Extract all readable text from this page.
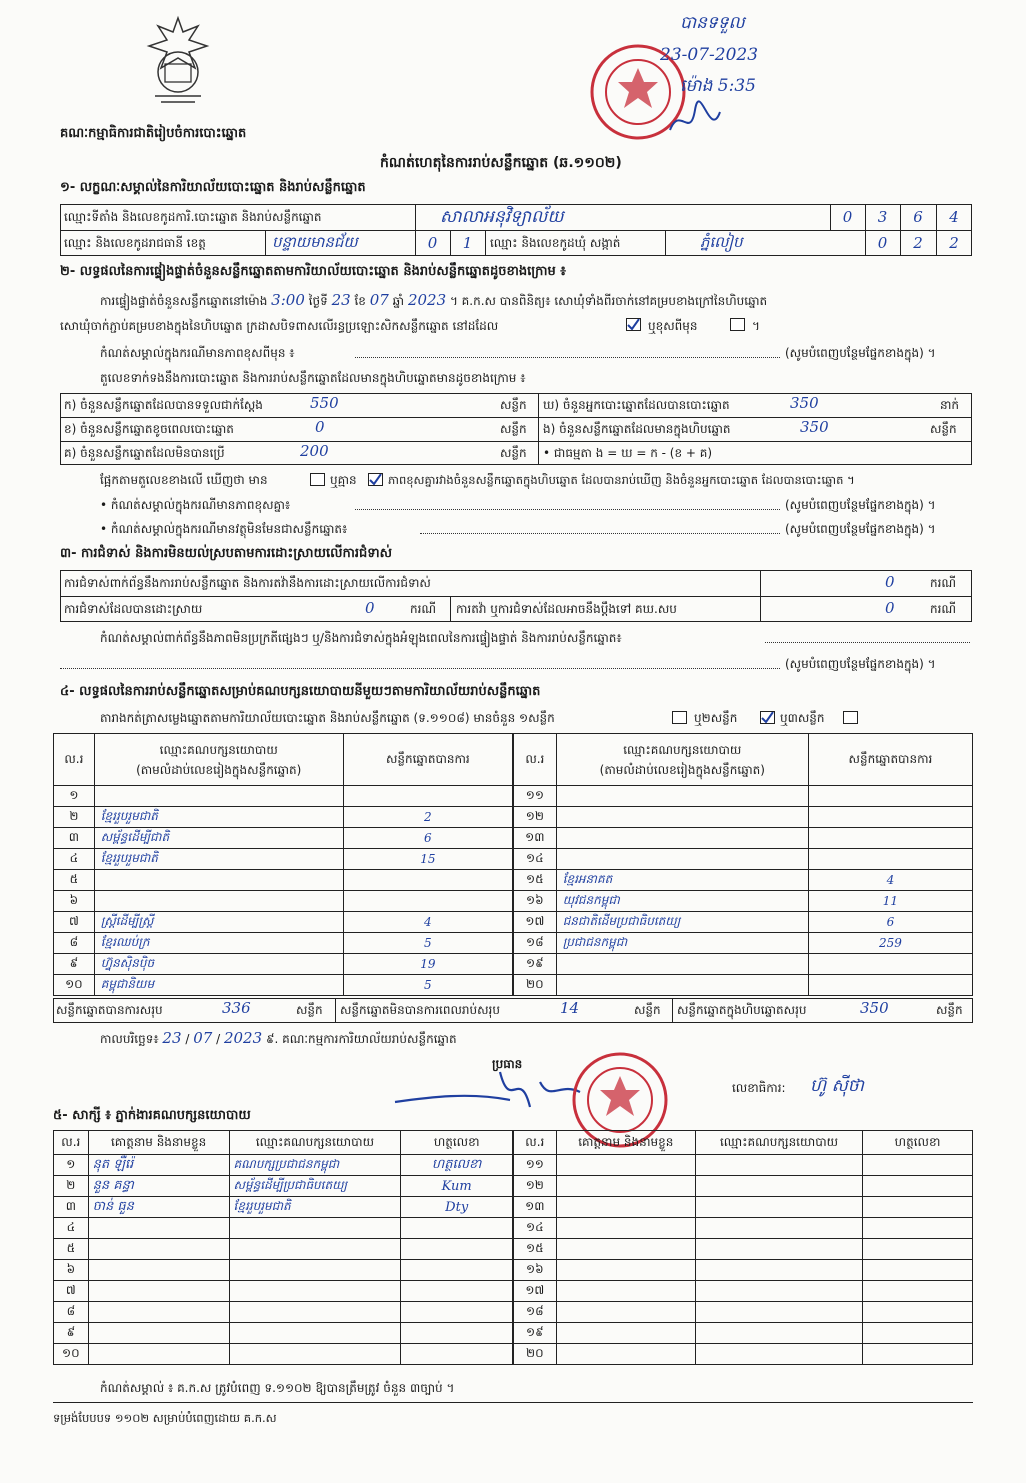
គណៈកម្មាធិការជាតិរៀបចំការបោះឆ្នោត
កំណត់ហេតុនៃការរាប់សន្លឹកឆ្នោត (ឆ.១១០២)
បានទទួល
23-07-2023
ម៉ោង 5:35
១- លក្ខណៈសម្គាល់នៃការិយាល័យបោះឆ្នោត និងរាប់សន្លឹកឆ្នោត
ឈ្មោះទីតាំង និងលេខកូដការិ.បោះឆ្នោត និងរាប់សន្លឹកឆ្នោត	សាលាអនុវិទ្យាល័យ	0	3	6	4
ឈ្មោះ និងលេខកូដរាជធានី ខេត្ត	បន្ទាយមានជ័យ	0	1	ឈ្មោះ និងលេខកូដឃុំ សង្កាត់	ភ្នំលៀប	0	2	2
២- លទ្ធផលនៃការផ្ទៀងផ្ទាត់ចំនួនសន្លឹកឆ្នោតតាមការិយាល័យបោះឆ្នោត និងរាប់សន្លឹកឆ្នោតដូចខាងក្រោម ៖
ការផ្ទៀងផ្ទាត់ចំនួនសន្លឹកឆ្នោតនៅម៉ោង 3:00 ថ្ងៃទី 23 ខែ 07 ឆ្នាំ 2023 ។ គ.ក.ស បានពិនិត្យ៖ សោឃុំទាំងពីរចាក់នៅគម្របខាងក្រៅនៃហិបឆ្នោត
សោឃុំចាក់ភ្ជាប់គម្របខាងក្នុងនៃហិបឆ្នោត ក្រដាសបិទពាសលើរន្ធប្រឡោះសិកសន្លឹកឆ្នោត នៅដដែល	ឬខុសពីមុន	។
កំណត់សម្គាល់ក្នុងករណីមានភាពខុសពីមុន ៖	(សូមបំពេញបន្ថែមផ្នែកខាងក្នុង) ។
តួលេខទាក់ទងនឹងការបោះឆ្នោត និងការរាប់សន្លឹកឆ្នោតដែលមានក្នុងហិបឆ្នោតមានដូចខាងក្រោម ៖
ក) ចំនួនសន្លឹកឆ្នោតដែលបានទទួលជាក់ស្តែង	550	សន្លឹក ឃ) ចំនួនអ្នកបោះឆ្នោតដែលបានបោះឆ្នោត	350	នាក់
ខ) ចំនួនសន្លឹកឆ្នោតខូចពេលបោះឆ្នោត	0	សន្លឹក ង) ចំនួនសន្លឹកឆ្នោតដែលមានក្នុងហិបឆ្នោត	350	សន្លឹក
គ) ចំនួនសន្លឹកឆ្នោតដែលមិនបានប្រើ	200	សន្លឹក • ជាធម្មតា ង = ឃ = ក - (ខ + គ)
ផ្អែកតាមតួលេខខាងលើ ឃើញថា មាន	ឬគ្មាន	ភាពខុសគ្នារវាងចំនួនសន្លឹកឆ្នោតក្នុងហិបឆ្នោត ដែលបានរាប់ឃើញ និងចំនួនអ្នកបោះឆ្នោត ដែលបានបោះឆ្នោត ។
• កំណត់សម្គាល់ក្នុងករណីមានភាពខុសគ្នា៖	(សូមបំពេញបន្ថែមផ្នែកខាងក្នុង) ។
• កំណត់សម្គាល់ក្នុងករណីមានវត្ថុមិនមែនជាសន្លឹកឆ្នោត៖	(សូមបំពេញបន្ថែមផ្នែកខាងក្នុង) ។
៣- ការជំទាស់ និងការមិនយល់ស្របតាមការដោះស្រាយលើការជំទាស់
ការជំទាស់ពាក់ព័ន្ធនឹងការរាប់សន្លឹកឆ្នោត និងការតវ៉ានឹងការដោះស្រាយលើការជំទាស់	0	ករណី
ការជំទាស់ដែលបានដោះស្រាយ	0	ករណី ការតវ៉ា ឬការជំទាស់ដែលអាចនឹងប្តឹងទៅ គឃ.សប	0	ករណី
កំណត់សម្គាល់ពាក់ព័ន្ធនឹងភាពមិនប្រក្រតីផ្សេងៗ ឬ/និងការជំទាស់ក្នុងអំឡុងពេលនៃការផ្ទៀងផ្ទាត់ និងការរាប់សន្លឹកឆ្នោត៖
(សូមបំពេញបន្ថែមផ្នែកខាងក្នុង) ។
៤- លទ្ធផលនៃការរាប់សន្លឹកឆ្នោតសម្រាប់គណបក្សនយោបាយនីមួយៗតាមការិយាល័យរាប់សន្លឹកឆ្នោត
តារាងកត់ត្រាសម្លេងឆ្នោតតាមការិយាល័យបោះឆ្នោត និងរាប់សន្លឹកឆ្នោត (ទ.១១០៨) មានចំនួន ១សន្លឹក	ឬ២សន្លឹក	ឬ៣សន្លឹក
ល.រ	ឈ្មោះគណបក្សនយោបាយ
(តាមលំដាប់លេខរៀងក្នុងសន្លឹកឆ្នោត)	សន្លឹកឆ្នោតបានការ
១		
២	ខ្មែររួបរួមជាតិ	2
៣	សម្ព័ន្ធដើម្បីជាតិ	6
៤	ខ្មែររួបរួមជាតិ	15
៥		
៦		
៧	ស្ត្រីដើម្បីស្ត្រី	4
៨	ខ្មែរឈប់ក្រ	5
៩	ហ្វ៊ុនស៊ិនប៉ិច	19
១០	គម្ពុជានិយម	5
ល.រ	ឈ្មោះគណបក្សនយោបាយ
(តាមលំដាប់លេខរៀងក្នុងសន្លឹកឆ្នោត)	សន្លឹកឆ្នោតបានការ
១១		
១២		
១៣		
១៤		
១៥	ខ្មែរអនាគត	4
១៦	យុវជនកម្ពុជា	11
១៧	ជនជាតិដើមប្រជាធិបតេយ្យ	6
១៨	ប្រជាជនកម្ពុជា	259
១៩		
២០		
សន្លឹកឆ្នោតបានការសរុប	336	សន្លឹក សន្លឹកឆ្នោតមិនបានការពេលរាប់សរុប	14	សន្លឹក សន្លឹកឆ្នោតក្នុងហិបឆ្នោតសរុប	350	សន្លឹក
កាលបរិច្ឆេទ៖ 23 / 07 / 2023 ៩. គណៈកម្មការការិយាល័យរាប់សន្លឹកឆ្នោត
ប្រធាន
លេខាធិការ: ហ៊ូ ស៊ីថា
៥- សាក្សី ៖ ភ្នាក់ងារគណបក្សនយោបាយ
ល.រ	គោត្តនាម និងនាមខ្លួន	ឈ្មោះគណបក្សនយោបាយ	ហត្ថលេខា
១	នុត ឡឺរ៉េ	គណបក្សប្រជាជនកម្ពុជា	ហត្ថលេខា
២	នួន គន្ធា	សម្ព័ន្ធដើម្បីប្រជាធិបតេយ្យ	Kum
៣	ចាន់ ធួន	ខ្មែររួបរួមជាតិ	Dty
៤			
៥			
៦			
៧			
៨			
៩			
១០			
ល.រ	គោត្តនាម និងនាមខ្លួន	ឈ្មោះគណបក្សនយោបាយ	ហត្ថលេខា
១១			
១២			
១៣			
១៤			
១៥			
១៦			
១៧			
១៨			
១៩			
២០			
កំណត់សម្គាល់ ៖ គ.ក.ស ត្រូវបំពេញ ទ.១១០២ ឱ្យបានត្រឹមត្រូវ ចំនួន ៣ច្បាប់ ។
ទម្រង់បែបបទ ១១០២ សម្រាប់បំពេញដោយ គ.ក.ស
